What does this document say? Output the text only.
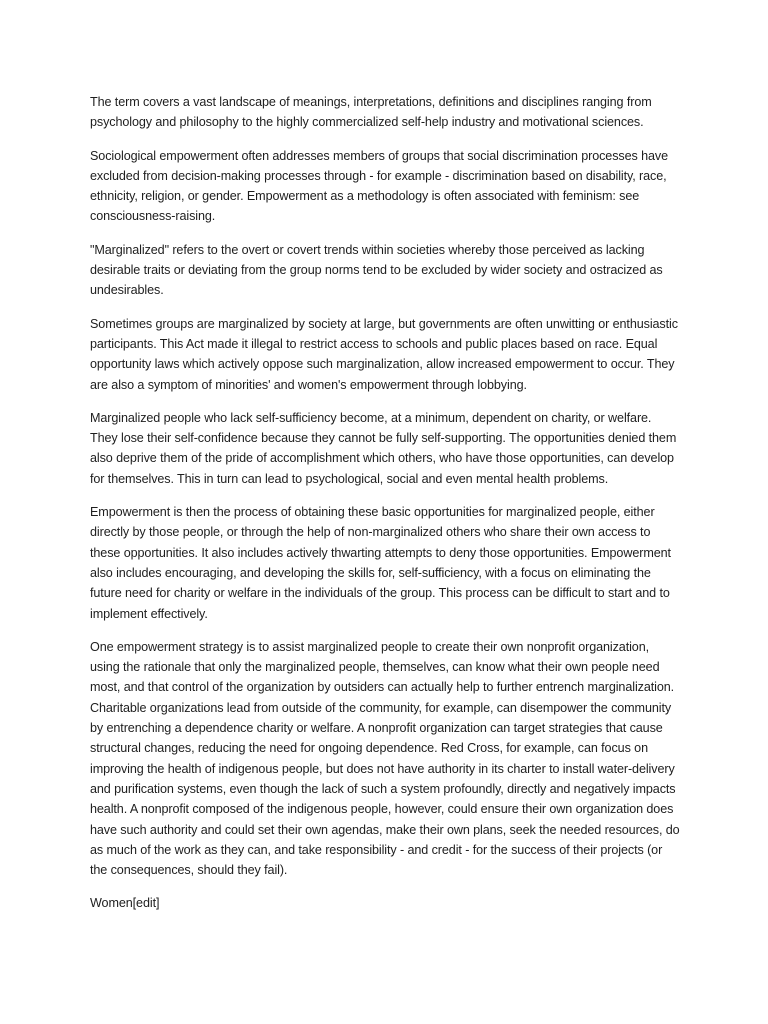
The term covers a vast landscape of meanings, interpretations, definitions and disciplines ranging from psychology and philosophy to the highly commercialized self-help industry and motivational sciences.

Sociological empowerment often addresses members of groups that social discrimination processes have excluded from decision-making processes through - for example - discrimination based on disability, race, ethnicity, religion, or gender. Empowerment as a methodology is often associated with feminism: see consciousness-raising.

"Marginalized" refers to the overt or covert trends within societies whereby those perceived as lacking desirable traits or deviating from the group norms tend to be excluded by wider society and ostracized as undesirables.

Sometimes groups are marginalized by society at large, but governments are often unwitting or enthusiastic participants. This Act made it illegal to restrict access to schools and public places based on race. Equal opportunity laws which actively oppose such marginalization, allow increased empowerment to occur. They are also a symptom of minorities' and women's empowerment through lobbying.

Marginalized people who lack self-sufficiency become, at a minimum, dependent on charity, or welfare. They lose their self-confidence because they cannot be fully self-supporting. The opportunities denied them also deprive them of the pride of accomplishment which others, who have those opportunities, can develop for themselves. This in turn can lead to psychological, social and even mental health problems.

Empowerment is then the process of obtaining these basic opportunities for marginalized people, either directly by those people, or through the help of non-marginalized others who share their own access to these opportunities. It also includes actively thwarting attempts to deny those opportunities. Empowerment also includes encouraging, and developing the skills for, self-sufficiency, with a focus on eliminating the future need for charity or welfare in the individuals of the group. This process can be difficult to start and to implement effectively.

One empowerment strategy is to assist marginalized people to create their own nonprofit organization, using the rationale that only the marginalized people, themselves, can know what their own people need most, and that control of the organization by outsiders can actually help to further entrench marginalization. Charitable organizations lead from outside of the community, for example, can disempower the community by entrenching a dependence charity or welfare. A nonprofit organization can target strategies that cause structural changes, reducing the need for ongoing dependence. Red Cross, for example, can focus on improving the health of indigenous people, but does not have authority in its charter to install water-delivery and purification systems, even though the lack of such a system profoundly, directly and negatively impacts health. A nonprofit composed of the indigenous people, however, could ensure their own organization does have such authority and could set their own agendas, make their own plans, seek the needed resources, do as much of the work as they can, and take responsibility - and credit - for the success of their projects (or the consequences, should they fail).

Women[edit]
